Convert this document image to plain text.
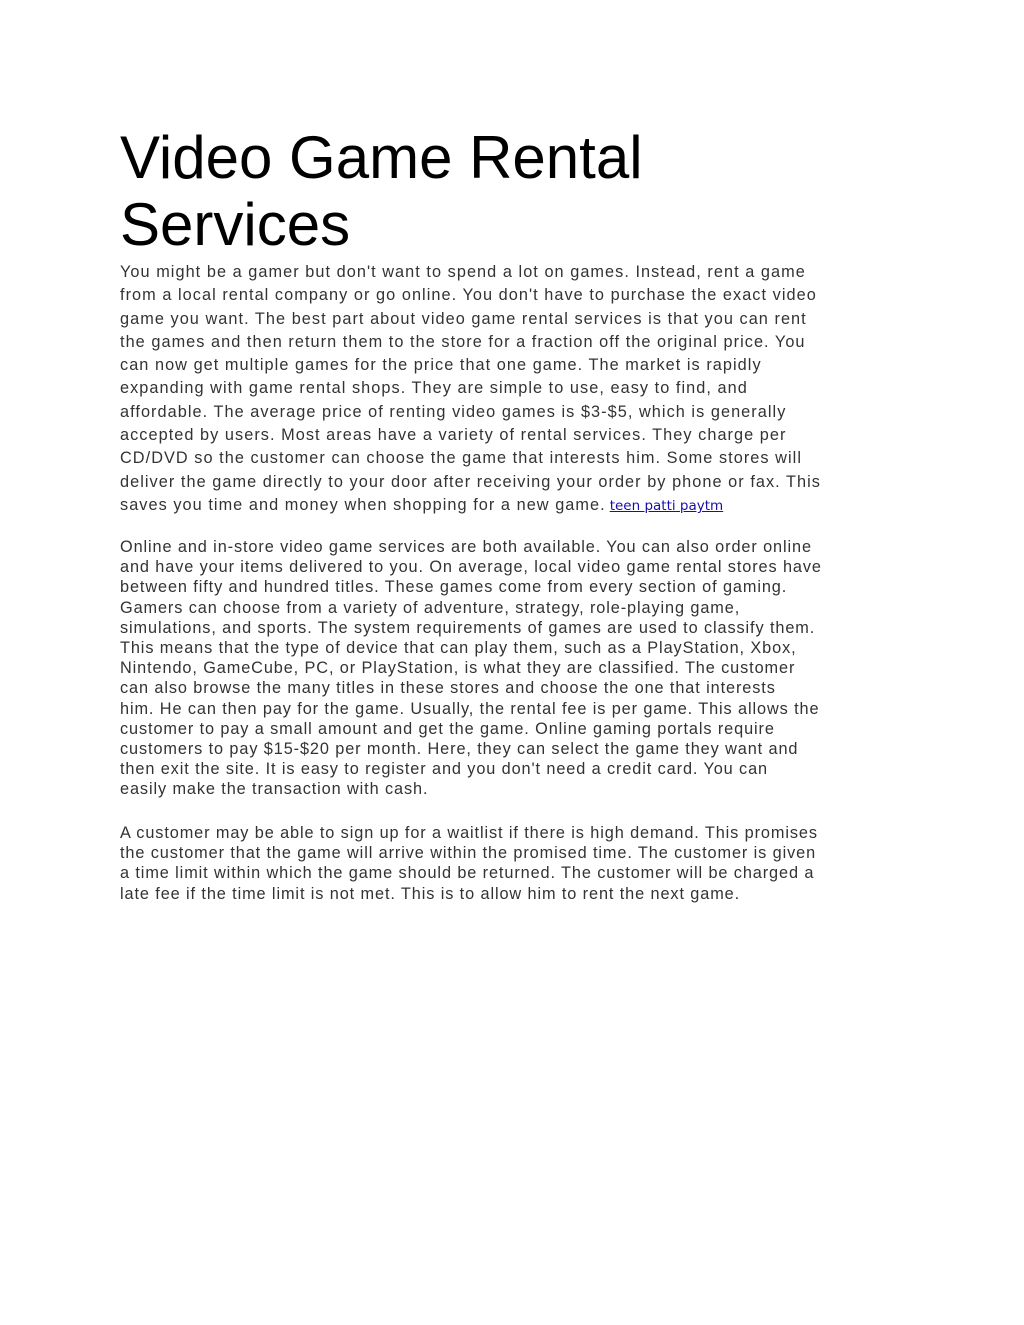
Video Game Rental
Services

You might be a gamer but don't want to spend a lot on games. Instead, rent a game
from a local rental company or go online. You don't have to purchase the exact video
game you want. The best part about video game rental services is that you can rent
the games and then return them to the store for a fraction off the original price. You
can now get multiple games for the price that one game. The market is rapidly
expanding with game rental shops. They are simple to use, easy to find, and
affordable. The average price of renting video games is $3-$5, which is generally
accepted by users. Most areas have a variety of rental services. They charge per
CD/DVD so the customer can choose the game that interests him. Some stores will
deliver the game directly to your door after receiving your order by phone or fax. This
saves you time and money when shopping for a new game. teen patti paytm

Online and in-store video game services are both available. You can also order online
and have your items delivered to you. On average, local video game rental stores have
between fifty and hundred titles. These games come from every section of gaming.
Gamers can choose from a variety of adventure, strategy, role-playing game,
simulations, and sports. The system requirements of games are used to classify them.
This means that the type of device that can play them, such as a PlayStation, Xbox,
Nintendo, GameCube, PC, or PlayStation, is what they are classified. The customer
can also browse the many titles in these stores and choose the one that interests
him. He can then pay for the game. Usually, the rental fee is per game. This allows the
customer to pay a small amount and get the game. Online gaming portals require
customers to pay $15-$20 per month. Here, they can select the game they want and
then exit the site. It is easy to register and you don't need a credit card. You can
easily make the transaction with cash.

A customer may be able to sign up for a waitlist if there is high demand. This promises
the customer that the game will arrive within the promised time. The customer is given
a time limit within which the game should be returned. The customer will be charged a
late fee if the time limit is not met. This is to allow him to rent the next game.
